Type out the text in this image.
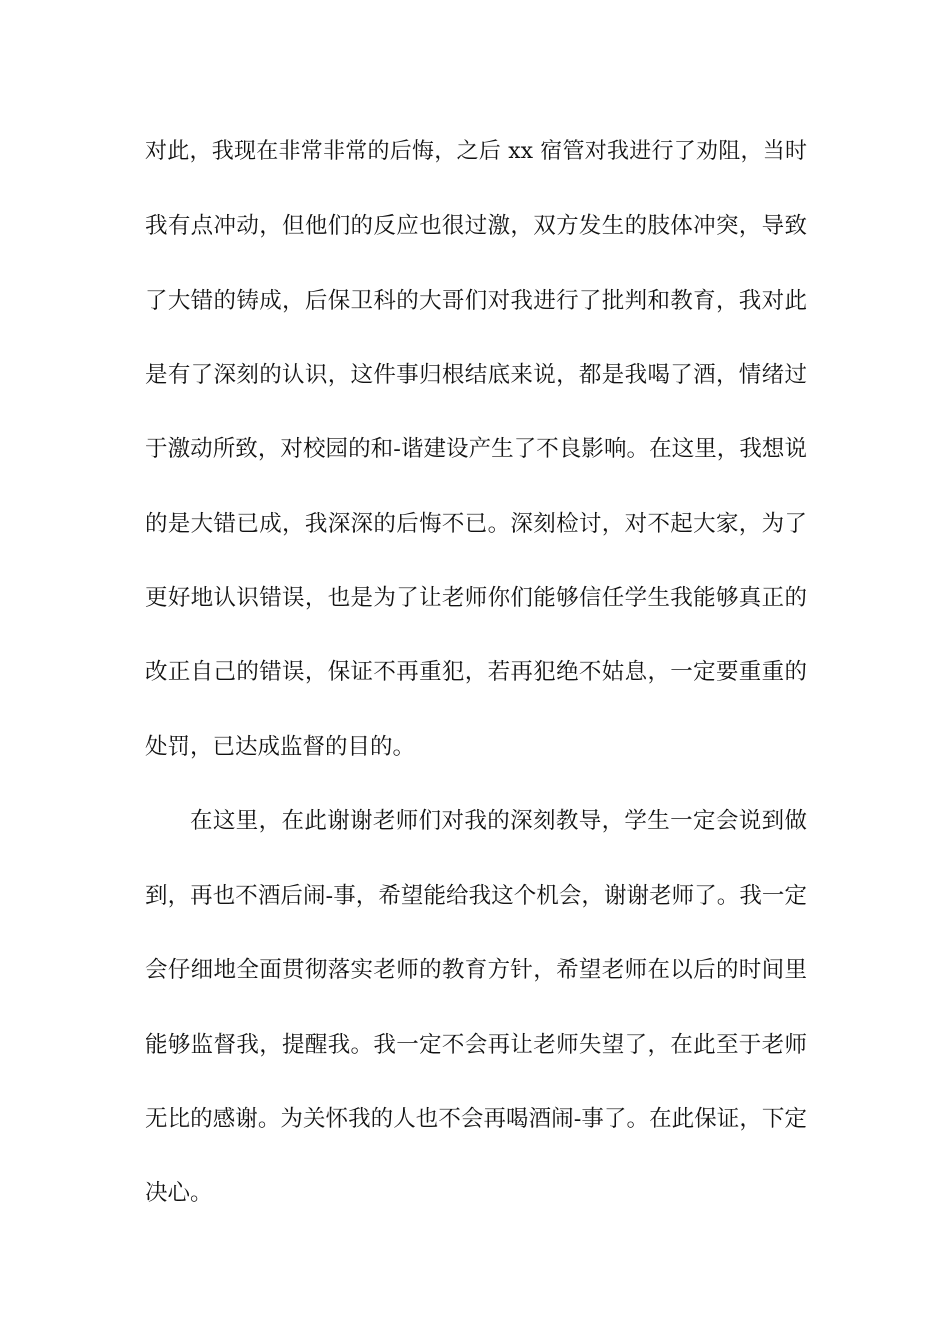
对此，我现在非常非常的后悔，之后 xx 宿管对我进行了劝阻，当时
我有点冲动，但他们的反应也很过激，双方发生的肢体冲突，导致
了大错的铸成，后保卫科的大哥们对我进行了批判和教育，我对此
是有了深刻的认识，这件事归根结底来说，都是我喝了酒，情绪过
于激动所致，对校园的和-谐建设产生了不良影响。在这里，我想说
的是大错已成，我深深的后悔不已。深刻检讨，对不起大家，为了
更好地认识错误，也是为了让老师你们能够信任学生我能够真正的
改正自己的错误，保证不再重犯，若再犯绝不姑息，一定要重重的
处罚，已达成监督的目的。
在这里，在此谢谢老师们对我的深刻教导，学生一定会说到做
到，再也不酒后闹-事，希望能给我这个机会，谢谢老师了。我一定
会仔细地全面贯彻落实老师的教育方针，希望老师在以后的时间里
能够监督我，提醒我。我一定不会再让老师失望了，在此至于老师
无比的感谢。为关怀我的人也不会再喝酒闹-事了。在此保证，下定
决心。
